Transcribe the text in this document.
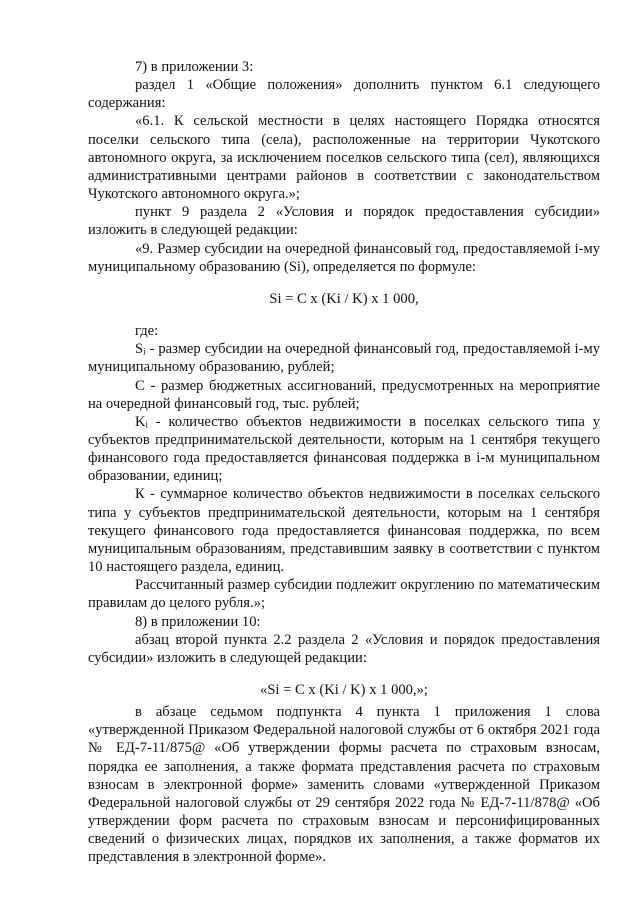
7) в приложении 3:

раздел 1 «Общие положения» дополнить пунктом 6.1 следующего содержания:

«6.1. К сельской местности в целях настоящего Порядка относятся поселки сельского типа (села), расположенные на территории Чукотского автономного округа, за исключением поселков сельского типа (сел), являющихся административными центрами районов в соответствии с законодательством Чукотского автономного округа.»;

пункт 9 раздела 2 «Условия и порядок предоставления субсидии» изложить в следующей редакции:

«9. Размер субсидии на очередной финансовый год, предоставляемой i-му муниципальному образованию (Si), определяется по формуле:

Si = C x (Ki / K) x 1 000,

где:

Sᵢ - размер субсидии на очередной финансовый год, предоставляемой i-му муниципальному образованию, рублей;

С - размер бюджетных ассигнований, предусмотренных на мероприятие на очередной финансовый год, тыс. рублей;

Kᵢ - количество объектов недвижимости в поселках сельского типа у субъектов предпринимательской деятельности, которым на 1 сентября текущего финансового года предоставляется финансовая поддержка в i-м муниципальном образовании, единиц;

К - суммарное количество объектов недвижимости в поселках сельского типа у субъектов предпринимательской деятельности, которым на 1 сентября текущего финансового года предоставляется финансовая поддержка, по всем муниципальным образованиям, представившим заявку в соответствии с пунктом 10 настоящего раздела, единиц.

Рассчитанный размер субсидии подлежит округлению по математическим правилам до целого рубля.»;

8) в приложении 10:

абзац второй пункта 2.2 раздела 2 «Условия и порядок предоставления субсидии» изложить в следующей редакции:

«Si = C x (Ki / K) x 1 000,»;

в абзаце седьмом подпункта 4 пункта 1 приложения 1 слова «утвержденной Приказом Федеральной налоговой службы от 6 октября 2021 года № ЕД-7-11/875@ «Об утверждении формы расчета по страховым взносам, порядка ее заполнения, а также формата представления расчета по страховым взносам в электронной форме» заменить словами «утвержденной Приказом Федеральной налоговой службы от 29 сентября 2022 года № ЕД-7-11/878@ «Об утверждении форм расчета по страховым взносам и персонифицированных сведений о физических лицах, порядков их заполнения, а также форматов их представления в электронной форме».
